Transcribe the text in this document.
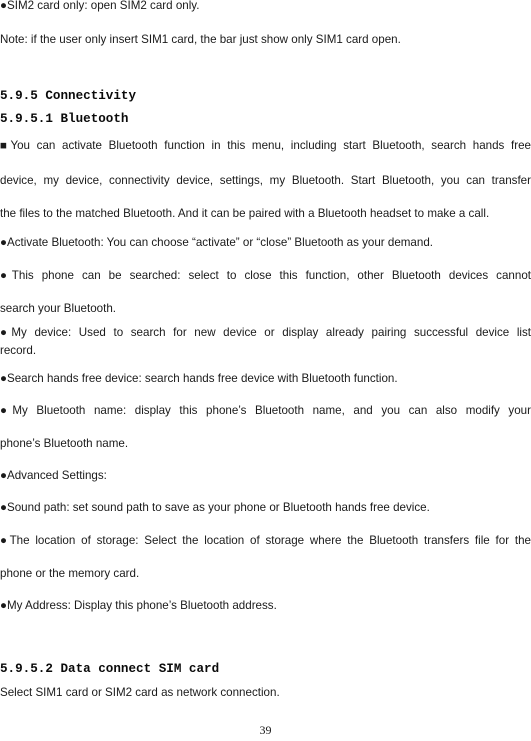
●SIM2 card only: open SIM2 card only.
Note: if the user only insert SIM1 card, the bar just show only SIM1 card open.
5.9.5 Connectivity
5.9.5.1 Bluetooth
■You can activate Bluetooth function in this menu, including start Bluetooth, search hands free
device, my device, connectivity device, settings, my Bluetooth. Start Bluetooth, you can transfer
the files to the matched Bluetooth. And it can be paired with a Bluetooth headset to make a call.
●Activate Bluetooth: You can choose “activate” or “close” Bluetooth as your demand.
●This phone can be searched: select to close this function, other Bluetooth devices cannot
search your Bluetooth.
●My device: Used to search for new device or display already pairing successful device list
record.
●Search hands free device: search hands free device with Bluetooth function.
●My Bluetooth name: display this phone’s Bluetooth name, and you can also modify your
phone’s Bluetooth name.
●Advanced Settings:
●Sound path: set sound path to save as your phone or Bluetooth hands free device.
●The location of storage: Select the location of storage where the Bluetooth transfers file for the
phone or the memory card.
●My Address: Display this phone’s Bluetooth address.
5.9.5.2 Data connect SIM card
Select SIM1 card or SIM2 card as network connection.
39
